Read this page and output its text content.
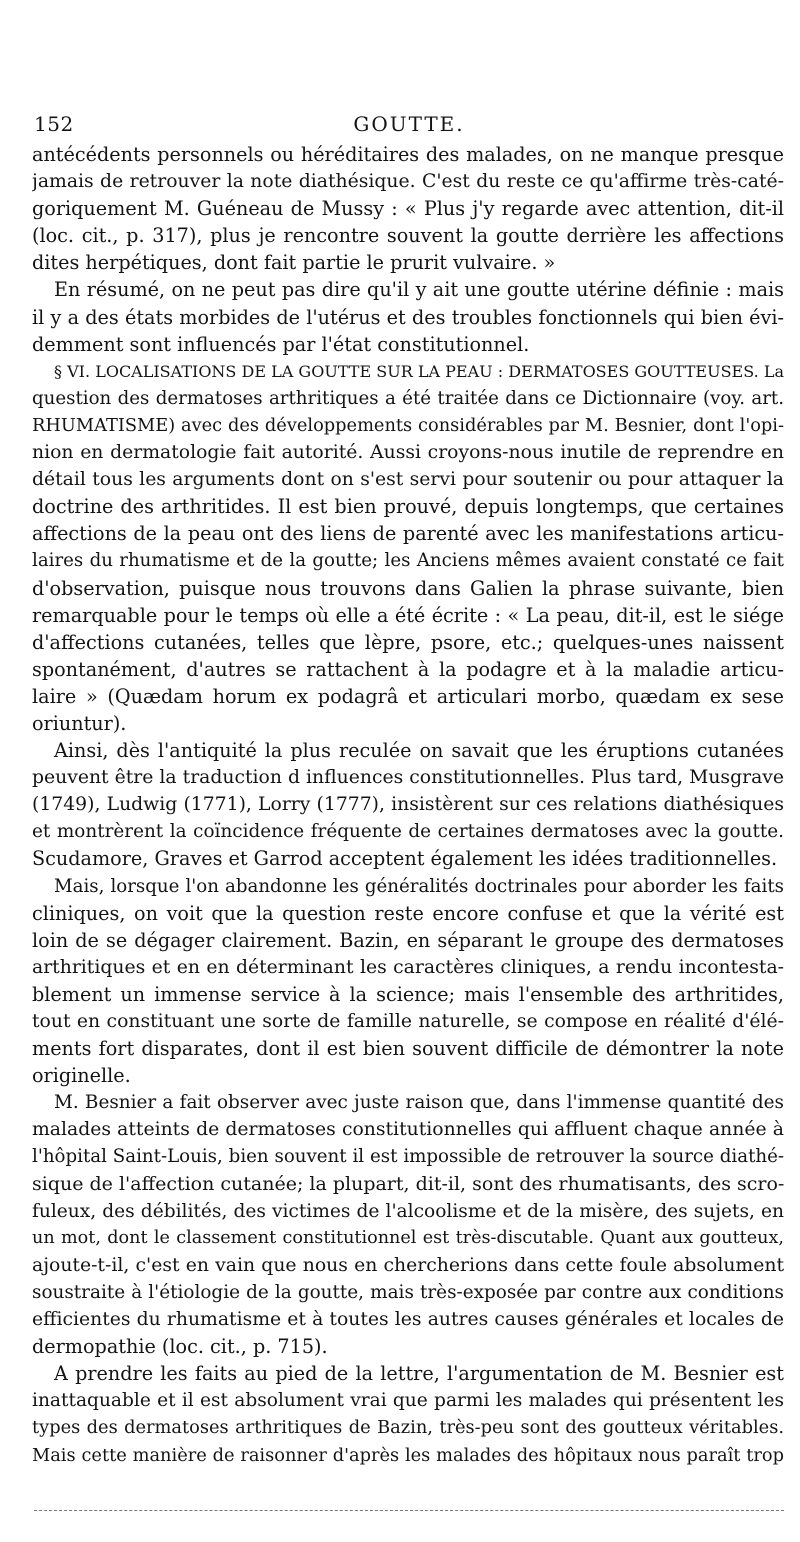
152	GOUTTE.
antécédents personnels ou héréditaires des malades, on ne manque presque
jamais de retrouver la note diathésique. C'est du reste ce qu'affirme très-caté-
goriquement M. Guéneau de Mussy : « Plus j'y regarde avec attention, dit-il
(loc. cit., p. 317), plus je rencontre souvent la goutte derrière les affections
dites herpétiques, dont fait partie le prurit vulvaire. »
En résumé, on ne peut pas dire qu'il y ait une goutte utérine définie : mais
il y a des états morbides de l'utérus et des troubles fonctionnels qui bien évi-
demment sont influencés par l'état constitutionnel.
§ VI. LOCALISATIONS DE LA GOUTTE SUR LA PEAU : DERMATOSES GOUTTEUSES. La
question des dermatoses arthritiques a été traitée dans ce Dictionnaire (voy. art.
RHUMATISME) avec des développements considérables par M. Besnier, dont l'opi-
nion en dermatologie fait autorité. Aussi croyons-nous inutile de reprendre en
détail tous les arguments dont on s'est servi pour soutenir ou pour attaquer la
doctrine des arthritides. Il est bien prouvé, depuis longtemps, que certaines
affections de la peau ont des liens de parenté avec les manifestations articu-
laires du rhumatisme et de la goutte; les Anciens mêmes avaient constaté ce fait
d'observation, puisque nous trouvons dans Galien la phrase suivante, bien
remarquable pour le temps où elle a été écrite : « La peau, dit-il, est le siége
d'affections cutanées, telles que lèpre, psore, etc.; quelques-unes naissent
spontanément, d'autres se rattachent à la podagre et à la maladie articu-
laire » (Quædam horum ex podagrâ et articulari morbo, quædam ex sese
oriuntur).
Ainsi, dès l'antiquité la plus reculée on savait que les éruptions cutanées
peuvent être la traduction d influences constitutionnelles. Plus tard, Musgrave
(1749), Ludwig (1771), Lorry (1777), insistèrent sur ces relations diathésiques
et montrèrent la coïncidence fréquente de certaines dermatoses avec la goutte.
Scudamore, Graves et Garrod acceptent également les idées traditionnelles.
Mais, lorsque l'on abandonne les généralités doctrinales pour aborder les faits
cliniques, on voit que la question reste encore confuse et que la vérité est
loin de se dégager clairement. Bazin, en séparant le groupe des dermatoses
arthritiques et en en déterminant les caractères cliniques, a rendu incontesta-
blement un immense service à la science; mais l'ensemble des arthritides,
tout en constituant une sorte de famille naturelle, se compose en réalité d'élé-
ments fort disparates, dont il est bien souvent difficile de démontrer la note
originelle.
M. Besnier a fait observer avec juste raison que, dans l'immense quantité des
malades atteints de dermatoses constitutionnelles qui affluent chaque année à
l'hôpital Saint-Louis, bien souvent il est impossible de retrouver la source diathé-
sique de l'affection cutanée; la plupart, dit-il, sont des rhumatisants, des scro-
fuleux, des débilités, des victimes de l'alcoolisme et de la misère, des sujets, en
un mot, dont le classement constitutionnel est très-discutable. Quant aux goutteux,
ajoute-t-il, c'est en vain que nous en chercherions dans cette foule absolument
soustraite à l'étiologie de la goutte, mais très-exposée par contre aux conditions
efficientes du rhumatisme et à toutes les autres causes générales et locales de
dermopathie (loc. cit., p. 715).
A prendre les faits au pied de la lettre, l'argumentation de M. Besnier est
inattaquable et il est absolument vrai que parmi les malades qui présentent les
types des dermatoses arthritiques de Bazin, très-peu sont des goutteux véritables.
Mais cette manière de raisonner d'après les malades des hôpitaux nous paraît trop
